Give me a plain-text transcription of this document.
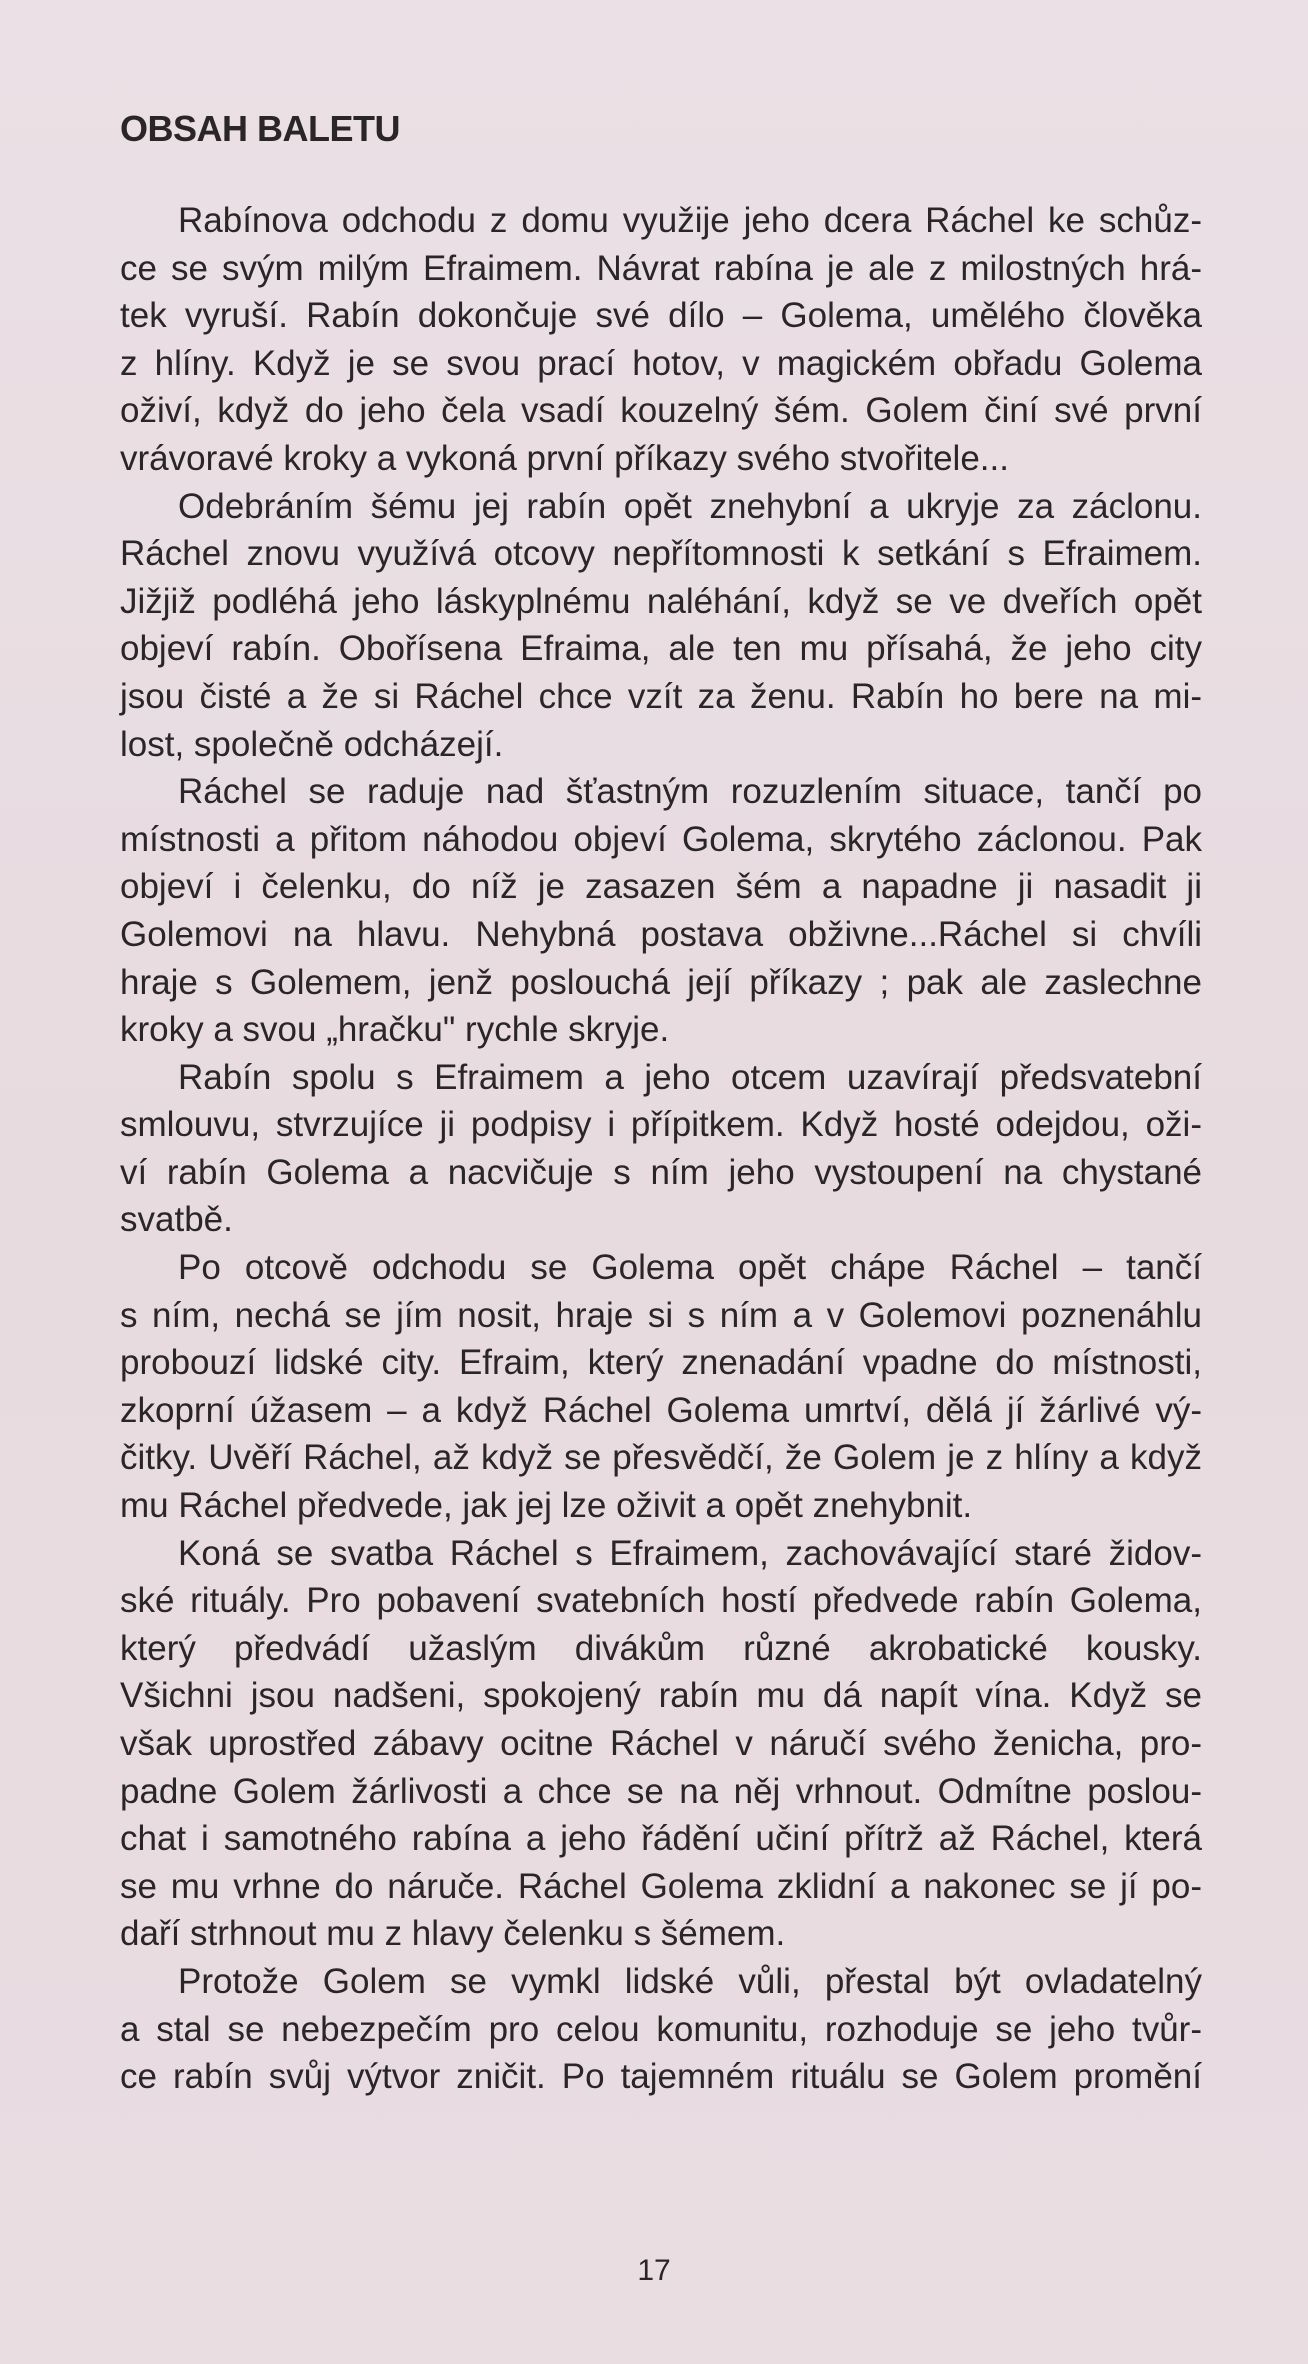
OBSAH BALETU
Rabínova odchodu z domu využije jeho dcera Ráchel ke schůz-
ce se svým milým Efraimem. Návrat rabína je ale z milostných hrá-
tek vyruší. Rabín dokončuje své dílo – Golema, umělého člověka
z hlíny. Když je se svou prací hotov, v magickém obřadu Golema
oživí, když do jeho čela vsadí kouzelný šém. Golem činí své první
vrávoravé kroky a vykoná první příkazy svého stvořitele...
Odebráním šému jej rabín opět znehybní a ukryje za záclonu.
Ráchel znovu využívá otcovy nepřítomnosti k setkání s Efraimem.
Jižjiž podléhá jeho láskyplnému naléhání, když se ve dveřích opět
objeví rabín. Obořísena Efraima, ale ten mu přísahá, že jeho city
jsou čisté a že si Ráchel chce vzít za ženu. Rabín ho bere na mi-
lost, společně odcházejí.
Ráchel se raduje nad šťastným rozuzlením situace, tančí po
místnosti a přitom náhodou objeví Golema, skrytého záclonou. Pak
objeví i čelenku, do níž je zasazen šém a napadne ji nasadit ji
Golemovi na hlavu. Nehybná postava obživne...Ráchel si chvíli
hraje s Golemem, jenž poslouchá její příkazy ; pak ale zaslechne
kroky a svou „hračku" rychle skryje.
Rabín spolu s Efraimem a jeho otcem uzavírají předsvatební
smlouvu, stvrzujíce ji podpisy i přípitkem. Když hosté odejdou, oži-
ví rabín Golema a nacvičuje s ním jeho vystoupení na chystané
svatbě.
Po otcově odchodu se Golema opět chápe Ráchel – tančí
s ním, nechá se jím nosit, hraje si s ním a v Golemovi poznenáhlu
probouzí lidské city. Efraim, který znenadání vpadne do místnosti,
zkoprní úžasem – a když Ráchel Golema umrtví, dělá jí žárlivé vý-
čitky. Uvěří Ráchel, až když se přesvědčí, že Golem je z hlíny a když
mu Ráchel předvede, jak jej lze oživit a opět znehybnit.
Koná se svatba Ráchel s Efraimem, zachovávající staré židov-
ské rituály. Pro pobavení svatebních hostí předvede rabín Golema,
který předvádí užaslým divákům různé akrobatické kousky.
Všichni jsou nadšeni, spokojený rabín mu dá napít vína. Když se
však uprostřed zábavy ocitne Ráchel v náručí svého ženicha, pro-
padne Golem žárlivosti a chce se na něj vrhnout. Odmítne poslou-
chat i samotného rabína a jeho řádění učiní přítrž až Ráchel, která
se mu vrhne do náruče. Ráchel Golema zklidní a nakonec se jí po-
daří strhnout mu z hlavy čelenku s šémem.
Protože Golem se vymkl lidské vůli, přestal být ovladatelný
a stal se nebezpečím pro celou komunitu, rozhoduje se jeho tvůr-
ce rabín svůj výtvor zničit. Po tajemném rituálu se Golem promění
17
